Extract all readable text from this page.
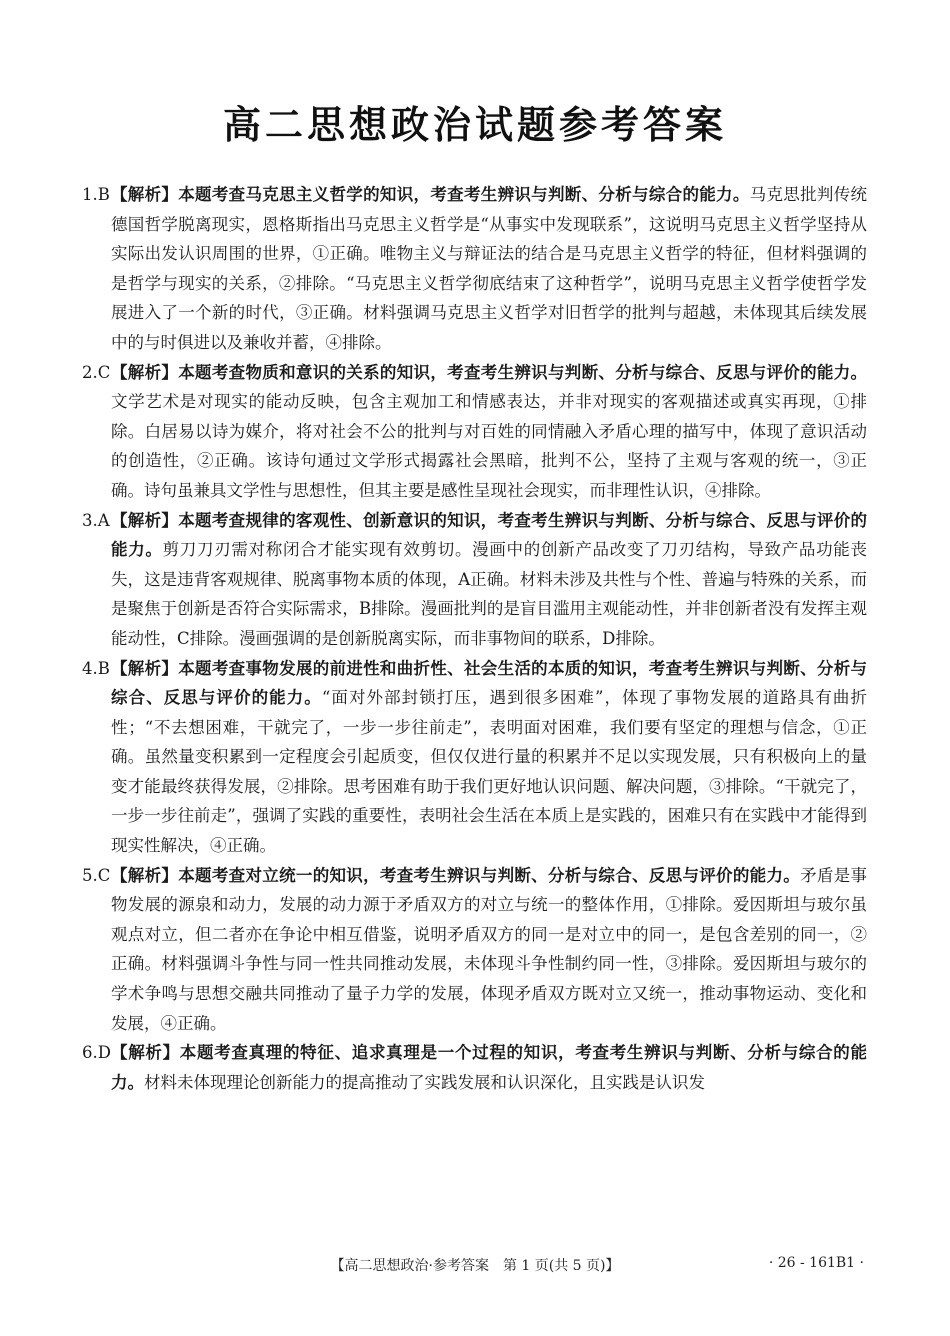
高二思想政治试题参考答案
1.B 【解析】本题考查马克思主义哲学的知识，考查考生辨识与判断、分析与综合的能力。马克思批判传统德国哲学脱离现实，恩格斯指出马克思主义哲学是“从事实中发现联系”，这说明马克思主义哲学坚持从实际出发认识周围的世界，①正确。唯物主义与辩证法的结合是马克思主义哲学的特征，但材料强调的是哲学与现实的关系，②排除。“马克思主义哲学彻底结束了这种哲学”，说明马克思主义哲学使哲学发展进入了一个新的时代，③正确。材料强调马克思主义哲学对旧哲学的批判与超越，未体现其后续发展中的与时俱进以及兼收并蓄，④排除。
2.C 【解析】本题考查物质和意识的关系的知识，考查考生辨识与判断、分析与综合、反思与评价的能力。文学艺术是对现实的能动反映，包含主观加工和情感表达，并非对现实的客观描述或真实再现，①排除。白居易以诗为媒介，将对社会不公的批判与对百姓的同情融入矛盾心理的描写中，体现了意识活动的创造性，②正确。该诗句通过文学形式揭露社会黑暗，批判不公，坚持了主观与客观的统一，③正确。诗句虽兼具文学性与思想性，但其主要是感性呈现社会现实，而非理性认识，④排除。
3.A 【解析】本题考查规律的客观性、创新意识的知识，考查考生辨识与判断、分析与综合、反思与评价的能力。剪刀刀刃需对称闭合才能实现有效剪切。漫画中的创新产品改变了刀刃结构，导致产品功能丧失，这是违背客观规律、脱离事物本质的体现，A正确。材料未涉及共性与个性、普遍与特殊的关系，而是聚焦于创新是否符合实际需求，B排除。漫画批判的是盲目滥用主观能动性，并非创新者没有发挥主观能动性，C排除。漫画强调的是创新脱离实际，而非事物间的联系，D排除。
4.B 【解析】本题考查事物发展的前进性和曲折性、社会生活的本质的知识，考查考生辨识与判断、分析与综合、反思与评价的能力。“面对外部封锁打压，遇到很多困难”，体现了事物发展的道路具有曲折性；“不去想困难，干就完了，一步一步往前走”，表明面对困难，我们要有坚定的理想与信念，①正确。虽然量变积累到一定程度会引起质变，但仅仅进行量的积累并不足以实现发展，只有积极向上的量变才能最终获得发展，②排除。思考困难有助于我们更好地认识问题、解决问题，③排除。“干就完了，一步一步往前走”，强调了实践的重要性，表明社会生活在本质上是实践的，困难只有在实践中才能得到现实性解决，④正确。
5.C 【解析】本题考查对立统一的知识，考查考生辨识与判断、分析与综合、反思与评价的能力。矛盾是事物发展的源泉和动力，发展的动力源于矛盾双方的对立与统一的整体作用，①排除。爱因斯坦与玻尔虽观点对立，但二者亦在争论中相互借鉴，说明矛盾双方的同一是对立中的同一，是包含差别的同一，②正确。材料强调斗争性与同一性共同推动发展，未体现斗争性制约同一性，③排除。爱因斯坦与玻尔的学术争鸣与思想交融共同推动了量子力学的发展，体现矛盾双方既对立又统一，推动事物运动、变化和发展，④正确。
6.D 【解析】本题考查真理的特征、追求真理是一个过程的知识，考查考生辨识与判断、分析与综合的能力。材料未体现理论创新能力的提高推动了实践发展和认识深化，且实践是认识发
【高二思想政治·参考答案　第 1 页(共 5 页)】	· 26 - 161B1 ·
